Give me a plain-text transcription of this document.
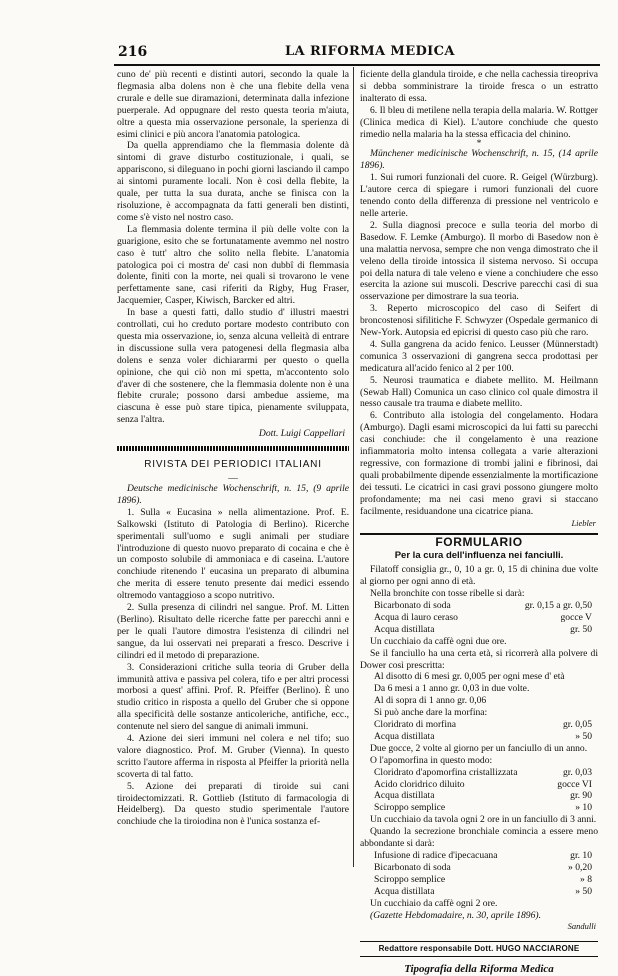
216	LA RIFORMA MEDICA

cuno de' più recenti e distinti autori, secondo la quale la flegmasia alba dolens non è che una flebite della vena crurale e delle sue diramazioni, determinata dalla infezione puerperale. Ad oppugnare del resto questa teoria m'aiuta, oltre a questa mia osservazione personale, la sperienza di esimi clinici e più ancora l'anatomia patologica.

Da quella apprendiamo che la flemmasia dolente dà sintomi di grave disturbo costituzionale, i quali, se appariscono, si dileguano in pochi giorni lasciando il campo ai sintomi puramente locali. Non è così della flebite, la quale, per tutta la sua durata, anche se finisca con la risoluzione, è accompagnata da fatti generali ben distinti, come s'è visto nel nostro caso.

La flemmasia dolente termina il più delle volte con la guarigione, esito che se fortunatamente avemmo nel nostro caso è tutt' altro che solito nella flebite. L'anatomia patologica poi ci mostra de' casi non dubbî di flemmasia dolente, finiti con la morte, nei quali si trovarono le vene perfettamente sane, casi riferiti da Rigby, Hug Fraser, Jacquemier, Casper, Kiwisch, Barcker ed altri.

In base a questi fatti, dallo studio d' illustri maestri controllati, cui ho creduto portare modesto contributo con questa mia osservazione, io, senza alcuna velleità di entrare in discussione sulla vera patogenesi della flegmasia alba dolens e senza voler dichiararmi per questo o quella opinione, che qui ciò non mi spetta, m'accontento solo d'aver di che sostenere, che la flemmasia dolente non è una flebite crurale; possono darsi ambedue assieme, ma ciascuna è esse può stare tipica, pienamente sviluppata, senza l'altra.

Dott. Luigi Cappellari

RIVISTA DEI PERIODICI ITALIANI

—

Deutsche medicinische Wochenschrift, n. 15, (9 aprile 1896).

1. Sulla « Eucasina » nella alimentazione. Prof. E. Salkowski (Istituto di Patologia di Berlino). Ricerche sperimentali sull'uomo e sugli animali per studiare l'introduzione di questo nuovo preparato di cocaina e che è un composto solubile di ammoniaca e di caseina. L'autore conchiude ritenendo l' eucasina un preparato di albumina che merita di essere tenuto presente dai medici essendo oltremodo vantaggioso a scopo nutritivo.

2. Sulla presenza di cilindri nel sangue. Prof. M. Litten (Berlino). Risultato delle ricerche fatte per parecchi anni e per le quali l'autore dimostra l'esistenza di cilindri nel sangue, da lui osservati nei preparati a fresco. Descrive i cilindri ed il metodo di preparazione.

3. Considerazioni critiche sulla teoria di Gruber della immunità attiva e passiva pel colera, tifo e per altri processi morbosi a quest' affini. Prof. R. Pfeiffer (Berlino). È uno studio critico in risposta a quello del Gruber che si oppone alla specificità delle sostanze anticoleriche, antifiche, ecc., contenute nel siero del sangue di animali immuni.

4. Azione dei sieri immuni nel colera e nel tifo; suo valore diagnostico. Prof. M. Gruber (Vienna). In questo scritto l'autore afferma in risposta al Pfeiffer la priorità nella scoverta di tal fatto.

5. Azione dei preparati di tiroide sui cani tiroidectomizzati. R. Gottlieb (Istituto di farmacologia di Heidelberg). Da questo studio sperimentale l'autore conchiude che la tiroiodina non è l'unica sostanza ef-

ficiente della glandula tiroide, e che nella cachessia tireopriva si debba somministrare la tiroide fresca o un estratto inalterato di essa.

6. Il bleu di metilene nella terapia della malaria. W. Rottger (Clinica medica di Kiel). L'autore conchiude che questo rimedio nella malaria ha la stessa efficacia del chinino.

*

Münchener medicinische Wochenschrift, n. 15, (14 aprile 1896).

1. Sui rumori funzionali del cuore. R. Geigel (Würzburg). L'autore cerca di spiegare i rumori funzionali del cuore tenendo conto della differenza di pressione nel ventricolo e nelle arterie.

2. Sulla diagnosi precoce e sulla teoria del morbo di Basedow. F. Lemke (Amburgo). Il morbo di Basedow non è una malattia nervosa, sempre che non venga dimostrato che il veleno della tiroide intossica il sistema nervoso. Si occupa poi della natura di tale veleno e viene a conchiudere che esso esercita la azione sui muscoli. Descrive parecchi casi di sua osservazione per dimostrare la sua teoria.

3. Reperto microscopico del caso di Seifert di broncostenosi sifilitiche F. Schwyzer (Ospedale germanico di New-York. Autopsia ed epicrisi di questo caso più che raro.

4. Sulla gangrena da acido fenico. Leusser (Münnerstadt) comunica 3 osservazioni di gangrena secca prodottasi per medicatura all'acido fenico al 2 per 100.

5. Neurosi traumatica e diabete mellito. M. Heilmann (Sewab Hall) Comunica un caso clinico col quale dimostra il nesso causale tra trauma e diabete mellito.

6. Contributo alla istologia del congelamento. Hodara (Amburgo). Dagli esami microscopici da lui fatti su parecchi casi conchiude: che il congelamento è una reazione infiammatoria molto intensa collegata a varie alterazioni regressive, con formazione di trombi jalini e fibrinosi, dai quali probabilmente dipende essenzialmente la mortificazione dei tessuti. Le cicatrici in casi gravi possono giungere molto profondamente; ma nei casi meno gravi si staccano facilmente, residuandone una cicatrice piana.

Liebler

FORMULARIO

Per la cura dell'influenza nei fanciulli.

Filatoff consiglia gr., 0, 10 a gr. 0, 15 di chinina due volte al giorno per ogni anno di età.

Nella bronchite con tosse ribelle si darà:

Bicarbonato di soda	gr. 0,15 a gr. 0,50
Acqua di lauro ceraso	gocce V
Acqua distillata	gr. 50

Un cucchiaio da caffè ogni due ore.

Se il fanciullo ha una certa età, si ricorrerà alla polvere di Dower così prescritta:

Al disotto di 6 mesi gr. 0,005 per ogni mese d' età
Da 6 mesi a 1 anno gr. 0,03 in due volte.
Al di sopra di 1 anno gr. 0,06
Si può anche dare la morfina:
Cloridrato di morfina	gr. 0,05
Acqua distillata	» 50

Due gocce, 2 volte al giorno per un fanciullo di un anno.

O l'apomorfina in questo modo:

Cloridrato d'apomorfina cristallizzata	gr. 0,03
Acido cloridrico diluito	gocce VI
Acqua distillata	gr. 90
Sciroppo semplice	» 10

Un cucchiaio da tavola ogni 2 ore in un fanciullo di 3 anni.

Quando la secrezione bronchiale comincia a essere meno abbondante si darà:

Infusione di radice d'ipecacuana	gr. 10
Bicarbonato di soda	» 0,20
Sciroppo semplice	» 8
Acqua distillata	» 50

Un cucchiaio da caffè ogni 2 ore.

(Gazette Hebdomadaire, n. 30, aprile 1896).

Sandulli

Redattore responsabile Dott. HUGO NACCIARONE

Tipografia della Riforma Medica
